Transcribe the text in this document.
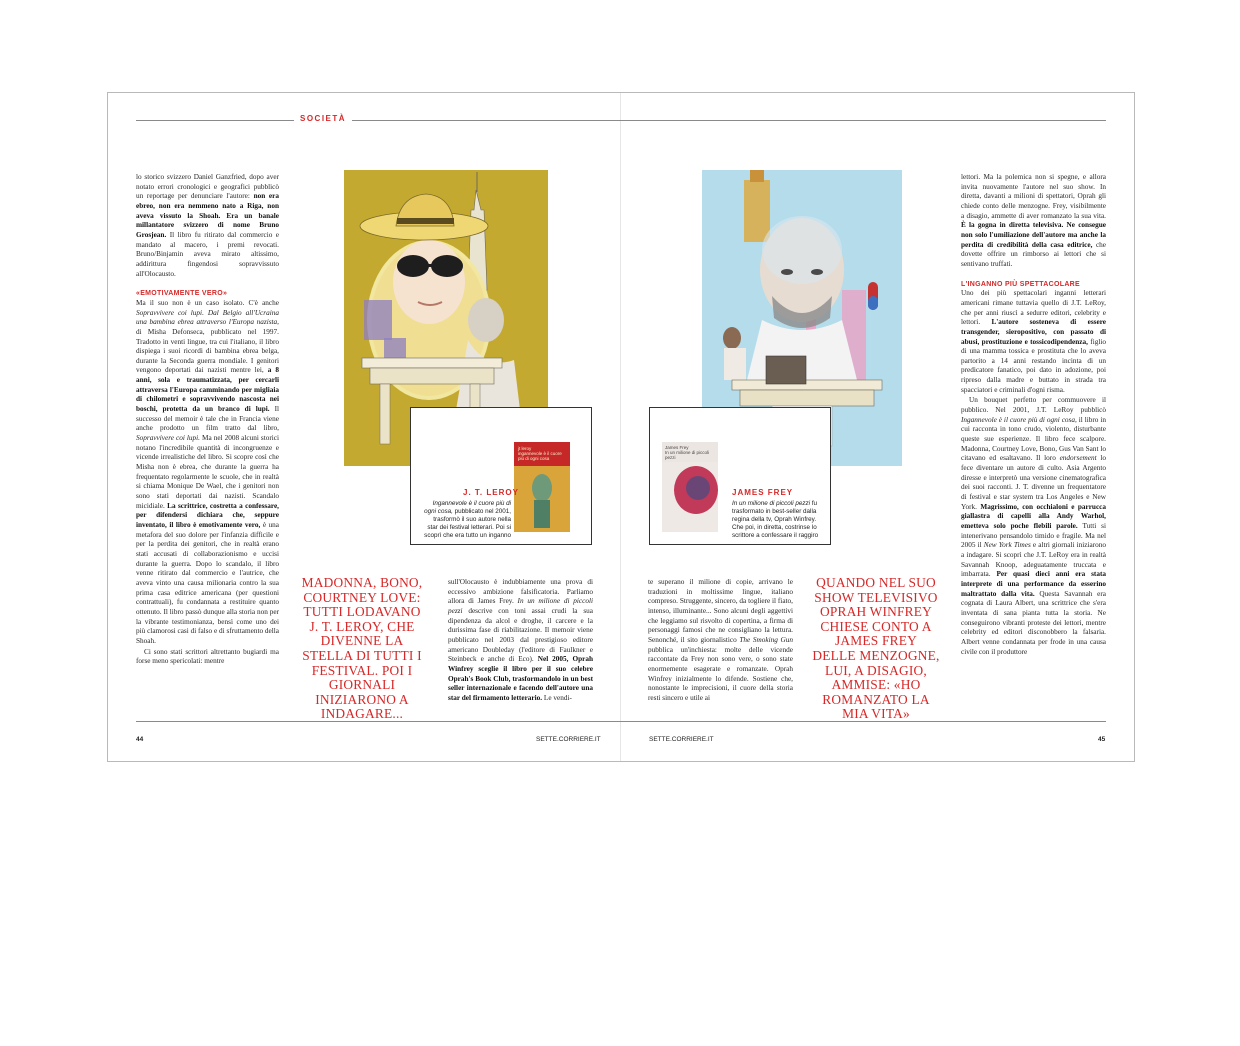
SOCIETÀ

lo storico svizzero Daniel Ganzfried, dopo aver notato errori cronologici e geografici pubblicò un reportage per denunciare l'autore: non era ebreo, non era nemmeno nato a Riga, non aveva vissuto la Shoah. Era un banale millantatore svizzero di nome Bruno Grosjean. Il libro fu ritirato dal commercio e mandato al macero, i premi revocati. Bruno/Binjamin aveva mirato altissimo, addirittura fingendosi sopravvissuto all'Olocausto.

«EMOTIVAMENTE VERO»

Ma il suo non è un caso isolato. C'è anche Sopravvivere coi lupi. Dal Belgio all'Ucraina una bambina ebrea attraverso l'Europa nazista, di Misha Defonseca, pubblicato nel 1997. Tradotto in venti lingue, tra cui l'italiano, il libro dispiega i suoi ricordi di bambina ebrea belga, durante la Seconda guerra mondiale. I genitori vengono deportati dai nazisti mentre lei, a 8 anni, sola e traumatizzata, per cercarli attraversa l'Europa camminando per migliaia di chilometri e sopravvivendo nascosta nei boschi, protetta da un branco di lupi. Il successo del memoir è tale che in Francia viene anche prodotto un film tratto dal libro, Sopravvivere coi lupi. Ma nel 2008 alcuni storici notano l'incredibile quantità di incongruenze e vicende irrealistiche del libro. Si scopre così che Misha non è ebrea, che durante la guerra ha frequentato regolarmente le scuole, che in realtà si chiama Monique De Wael, che i genitori non sono stati deportati dai nazisti. Scandalo micidiale. La scrittrice, costretta a confessare, per difendersi dichiara che, seppure inventato, il libro è emotivamente vero, è una metafora del suo dolore per l'infanzia difficile e per la perdita dei genitori, che in realtà erano stati accusati di collaborazionismo e uccisi durante la guerra. Dopo lo scandalo, il libro venne ritirato dal commercio e l'autrice, che aveva vinto una causa milionaria contro la sua prima casa editrice americana (per questioni contrattuali), fu condannata a restituire quanto ottenuto. Il libro passò dunque alla storia non per la vibrante testimonianza, bensì come uno dei più clamorosi casi di falso e di sfruttamento della Shoah.

Ci sono stati scrittori altrettanto bugiardi ma forse meno spericolati: mentre

jt leroy
ingannevole è il cuore più di ogni cosa
J. T. LEROY
Ingannevole è il cuore più di ogni cosa, pubblicato nel 2001, trasformò il suo autore nella star dei festival letterari. Poi si scoprì che era tutto un inganno
MADONNA, BONO, COURTNEY LOVE: TUTTI LODAVANO J. T. LEROY, CHE DIVENNE LA STELLA DI TUTTI I FESTIVAL. POI I GIORNALI INIZIARONO A INDAGARE...

sull'Olocausto è indubbiamente una prova di eccessivo ambizione falsificatoria. Parliamo allora di James Frey. In un milione di piccoli pezzi descrive con toni assai crudi la sua dipendenza da alcol e droghe, il carcere e la durissima fase di riabilitazione. Il memoir viene pubblicato nel 2003 dal prestigioso editore americano Doubleday (l'editore di Faulkner e Steinbeck e anche di Eco). Nel 2005, Oprah Winfrey sceglie il libro per il suo celebre Oprah's Book Club, trasformandolo in un best seller internazionale e facendo dell'autore una star del firmamento letterario. Le vendi-

James Frey
In un milione di piccoli pezzi
JAMES FREY
In un milione di piccoli pezzi fu trasformato in best-seller dalla regina della tv, Oprah Winfrey. Che poi, in diretta, costrinse lo scrittore a confessare il raggiro

te superano il milione di copie, arrivano le traduzioni in moltissime lingue, italiano compreso. Struggente, sincero, da togliere il fiato, intenso, illuminante... Sono alcuni degli aggettivi che leggiamo sul risvolto di copertina, a firma di personaggi famosi che ne consigliano la lettura. Senonché, il sito giornalistico The Smoking Gun pubblica un'inchiesta: molte delle vicende raccontate da Frey non sono vere, o sono state enormemente esagerate e romanzate. Oprah Winfrey inizialmente lo difende. Sostiene che, nonostante le imprecisioni, il cuore della storia resti sincero e utile ai

QUANDO NEL SUO SHOW TELEVISIVO OPRAH WINFREY CHIESE CONTO A JAMES FREY DELLE MENZOGNE, LUI, A DISAGIO, AMMISE: «HO ROMANZATO LA MIA VITA»

lettori. Ma la polemica non si spegne, e allora invita nuovamente l'autore nel suo show. In diretta, davanti a milioni di spettatori, Oprah gli chiede conto delle menzogne. Frey, visibilmente a disagio, ammette di aver romanzato la sua vita. È la gogna in diretta televisiva. Ne consegue non solo l'umiliazione dell'autore ma anche la perdita di credibilità della casa editrice, che dovette offrire un rimborso ai lettori che si sentivano truffati.

L'INGANNO PIÙ SPETTACOLARE

Uno dei più spettacolari inganni letterari americani rimane tuttavia quello di J.T. LeRoy, che per anni riuscì a sedurre editori, celebrity e lettori. L'autore sosteneva di essere transgender, sieropositivo, con passato di abusi, prostituzione e tossicodipendenza, figlio di una mamma tossica e prostituta che lo aveva partorito a 14 anni restando incinta di un predicatore fanatico, poi dato in adozione, poi ripreso dalla madre e buttato in strada tra spacciatori e criminali d'ogni risma.

Un bouquet perfetto per commuovere il pubblico. Nel 2001, J.T. LeRoy pubblicò Ingannevole è il cuore più di ogni cosa, il libro in cui racconta in tono crudo, violento, disturbante queste sue esperienze. Il libro fece scalpore. Madonna, Courtney Love, Bono, Gus Van Sant lo citavano ed esaltavano. Il loro endorsement lo fece diventare un autore di culto. Asia Argento diresse e interpretò una versione cinematografica dei suoi racconti. J. T. divenne un frequentatore di festival e star system tra Los Angeles e New York. Magrissimo, con occhialoni e parrucca giallastra di capelli alla Andy Warhol, emetteva solo poche flebili parole. Tutti si intenerivano pensandolo timido e fragile. Ma nel 2005 il New York Times e altri giornali iniziarono a indagare. Si scoprì che J.T. LeRoy era in realtà Savannah Knoop, adeguatamente truccata e imbarrata. Per quasi dieci anni era stata interprete di una performance da esserino maltrattato dalla vita. Questa Savannah era cognata di Laura Albert, una scrittrice che s'era inventata di sana pianta tutta la storia. Ne conseguirono vibranti proteste dei lettori, mentre celebrity ed editori disconobbero la falsaria. Albert venne condannata per frode in una causa civile con il produttore

44	SETTE.CORRIERE.IT	SETTE.CORRIERE.IT	45
